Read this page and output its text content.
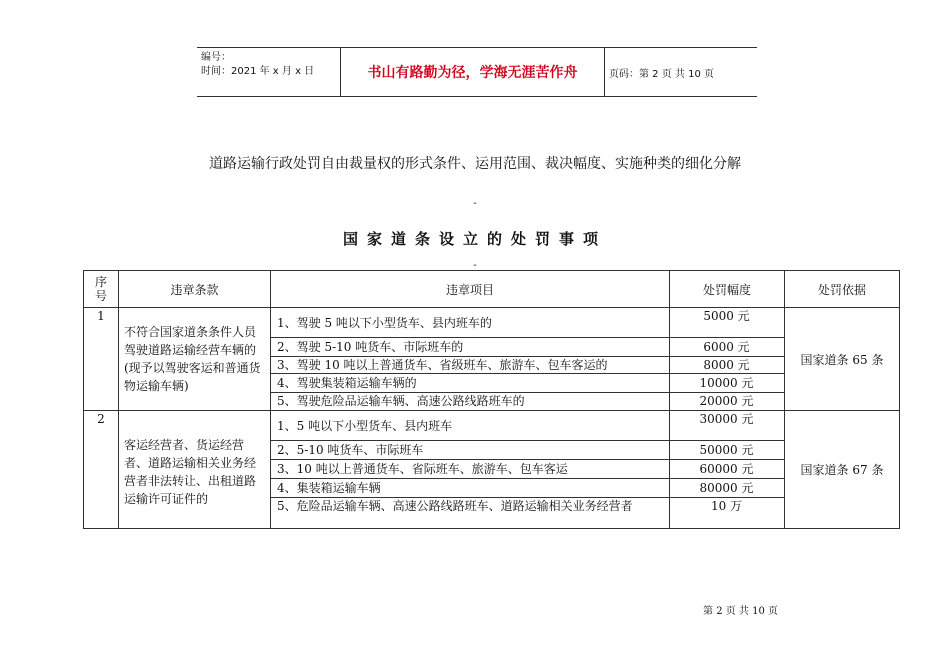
编号：
时间：2021 年 x 月 x 日	书山有路勤为径，学海无涯苦作舟	页码：第 2 页 共 10 页
道路运输行政处罚自由裁量权的形式条件、运用范围、裁决幅度、实施种类的细化分解
-
国家道条设立的处罚事项
-
序号	违章条款	违章项目	处罚幅度	处罚依据
1
不符合国家道条条件人员驾驶道路运输经营车辆的(现予以驾驶客运和普通货物运输车辆)
国家道条 65 条
1、驾驶 5 吨以下小型货车、县内班车的	5000 元
2、驾驶 5-10 吨货车、市际班车的	6000 元
3、驾驶 10 吨以上普通货车、省级班车、旅游车、包车客运的	8000 元
4、驾驶集装箱运输车辆的	10000 元
5、驾驶危险品运输车辆、高速公路线路班车的	20000 元
2
客运经营者、货运经营者、道路运输相关业务经营者非法转让、出租道路运输许可证件的
国家道条 67 条
1、5 吨以下小型货车、县内班车	30000 元
2、5-10 吨货车、市际班车	50000 元
3、10 吨以上普通货车、省际班车、旅游车、包车客运	60000 元
4、集装箱运输车辆	80000 元
5、危险品运输车辆、高速公路线路班车、道路运输相关业务经营者	10 万
第 2 页 共 10 页
